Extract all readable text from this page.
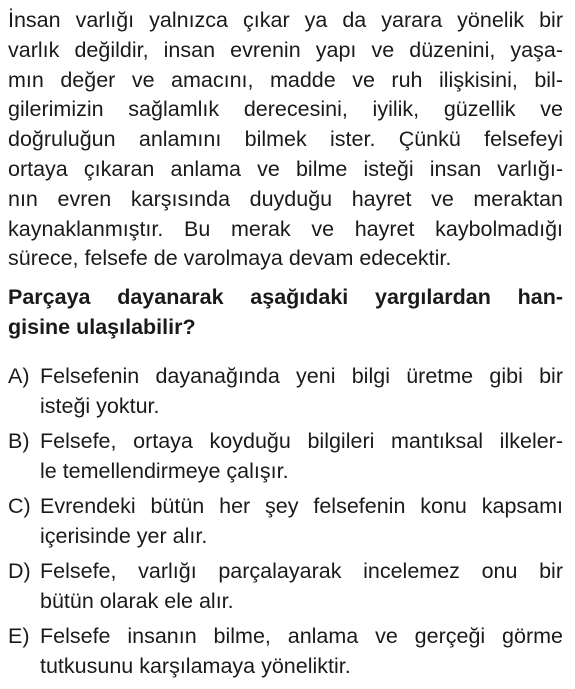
İnsan varlığı yalnızca çıkar ya da yarara yönelik bir
varlık değildir, insan evrenin yapı ve düzenini, yaşa-
mın değer ve amacını, madde ve ruh ilişkisini, bil-
gilerimizin sağlamlık derecesini, iyilik, güzellik ve
doğruluğun anlamını bilmek ister. Çünkü felsefeyi
ortaya çıkaran anlama ve bilme isteği insan varlığı-
nın evren karşısında duyduğu hayret ve meraktan
kaynaklanmıştır. Bu merak ve hayret kaybolmadığı
sürece, felsefe de varolmaya devam edecektir.

Parçaya dayanarak aşağıdaki yargılardan han-
gisine ulaşılabilir?

A) Felsefenin dayanağında yeni bilgi üretme gibi bir
isteği yoktur.
B) Felsefe, ortaya koyduğu bilgileri mantıksal ilkeler-
le temellendirmeye çalışır.
C) Evrendeki bütün her şey felsefenin konu kapsamı
içerisinde yer alır.
D) Felsefe, varlığı parçalayarak incelemez onu bir
bütün olarak ele alır.
E) Felsefe insanın bilme, anlama ve gerçeği görme
tutkusunu karşılamaya yöneliktir.
